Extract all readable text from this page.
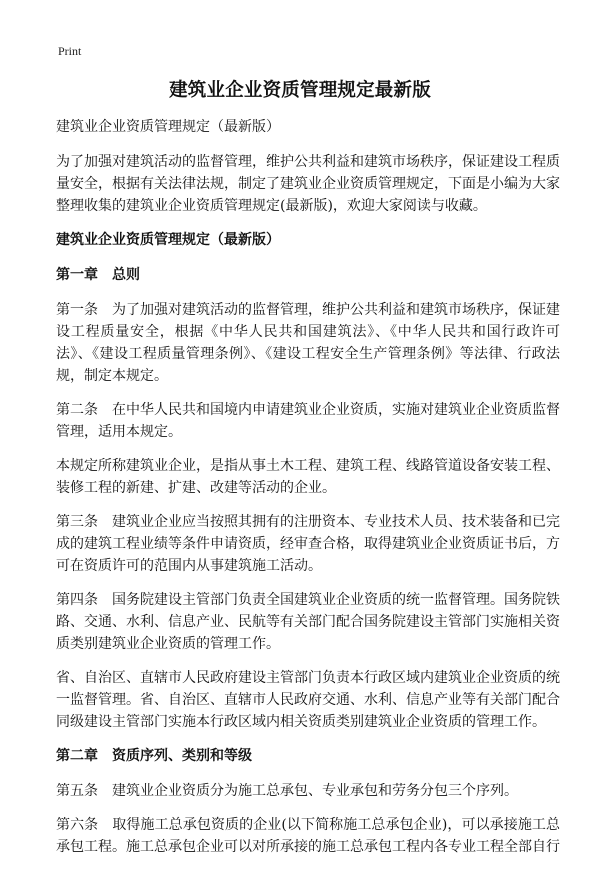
Print
建筑业企业资质管理规定最新版

建筑业企业资质管理规定（最新版）

为了加强对建筑活动的监督管理，维护公共利益和建筑市场秩序，保证建设工程质量安全，根据有关法律法规，制定了建筑业企业资质管理规定，下面是小编为大家整理收集的建筑业企业资质管理规定(最新版)，欢迎大家阅读与收藏。

建筑业企业资质管理规定（最新版）
第一章 总则

第一条　为了加强对建筑活动的监督管理，维护公共利益和建筑市场秩序，保证建设工程质量安全，根据《中华人民共和国建筑法》、《中华人民共和国行政许可法》、《建设工程质量管理条例》、《建设工程安全生产管理条例》等法律、行政法规，制定本规定。

第二条　在中华人民共和国境内申请建筑业企业资质，实施对建筑业企业资质监督管理，适用本规定。

本规定所称建筑业企业，是指从事土木工程、建筑工程、线路管道设备安装工程、装修工程的新建、扩建、改建等活动的企业。

第三条　建筑业企业应当按照其拥有的注册资本、专业技术人员、技术装备和已完成的建筑工程业绩等条件申请资质，经审查合格，取得建筑业企业资质证书后，方可在资质许可的范围内从事建筑施工活动。

第四条　国务院建设主管部门负责全国建筑业企业资质的统一监督管理。国务院铁路、交通、水利、信息产业、民航等有关部门配合国务院建设主管部门实施相关资质类别建筑业企业资质的管理工作。

省、自治区、直辖市人民政府建设主管部门负责本行政区域内建筑业企业资质的统一监督管理。省、自治区、直辖市人民政府交通、水利、信息产业等有关部门配合同级建设主管部门实施本行政区域内相关资质类别建筑业企业资质的管理工作。

第二章 资质序列、类别和等级

第五条　建筑业企业资质分为施工总承包、专业承包和劳务分包三个序列。

第六条　取得施工总承包资质的企业(以下简称施工总承包企业)，可以承接施工总承包工程。施工总承包企业可以对所承接的施工总承包工程内各专业工程全部自行
